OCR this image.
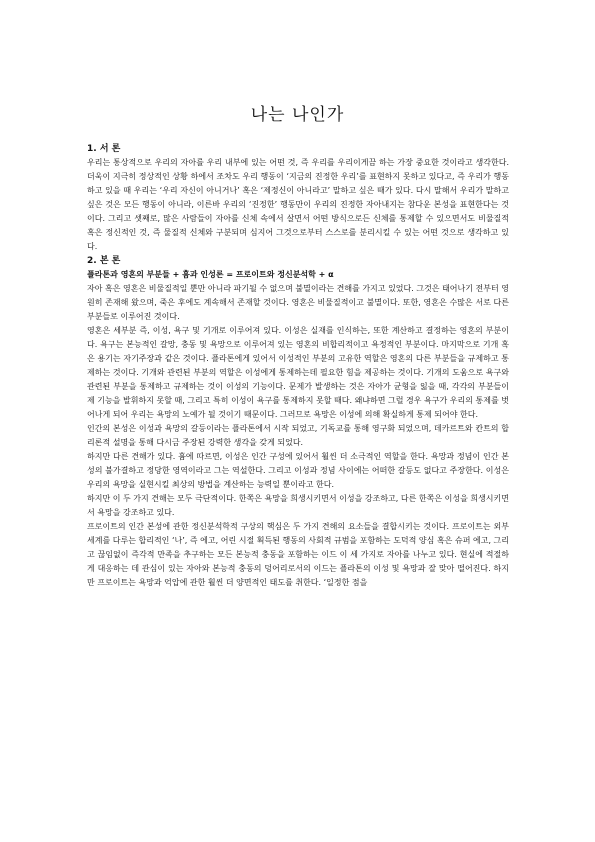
나는 나인가

1. 서 론

우리는 통상적으로 우리의 자아를 우리 내부에 있는 어떤 것, 즉 우리를 우리이게끔 하는 가장 중요한 것이라고 생각한다. 더욱이 지극히 정상적인 상황 하에서 조차도 우리 행동이 ‘지금의 진정한 우리’를 표현하지 못하고 있다고, 즉 우리가 행동하고 있을 때 우리는 ‘우리 자신이 아니거나’ 혹은 ‘제정신이 아니라고’ 말하고 싶은 때가 있다. 다시 말해서 우리가 말하고 싶은 것은 모든 행동이 아니라, 이른바 우리의 ‘진정한’ 행동만이 우리의 진정한 자아내지는 참다운 본성을 표현한다는 것이다. 그리고 셋째로, 많은 사람들이 자아를 신체 속에서 살면서 어떤 방식으로든 신체를 통제할 수 있으면서도 비물질적 혹은 정신적인 것, 즉 물질적 신체와 구분되며 심지어 그것으로부터 스스로를 분리시킬 수 있는 어떤 것으로 생각하고 있다.

2. 본 론

플라톤과 영혼의 부분들 + 흄과 인성론 = 프로이트와 정신분석학 + α

자아 혹은 영혼은 비물질적일 뿐만 아니라 파기될 수 없으며 불멸이라는 견해를 가지고 있었다. 그것은 태어나기 전부터 영원히 존재해 왔으며, 죽은 후에도 계속해서 존재할 것이다. 영혼은 비물질적이고 불멸이다. 또한, 영혼은 수많은 서로 다른 부분들로 이루어진 것이다.

영혼은 세부분 즉, 이성, 욕구 및 기개로 이루어져 있다. 이성은 실재를 인식하는, 또한 계산하고 결정하는 영혼의 부분이다. 욕구는 본능적인 갈망, 충동 및 욕망으로 이루어져 있는 영혼의 비합리적이고 욕정적인 부분이다. 마지막으로 기개 혹은 용기는 자기주장과 같은 것이다. 플라톤에게 있어서 이성적인 부분의 고유한 역할은 영혼의 다른 부분들을 규제하고 통제하는 것이다. 기개와 관련된 부분의 역할은 이성에게 통제하는데 필요한 힘을 제공하는 것이다. 기개의 도움으로 욕구와 관련된 부분을 통제하고 규제하는 것이 이성의 기능이다. 문제가 발생하는 것은 자아가 균형을 잃을 때, 각각의 부분들이 제 기능을 발휘하지 못할 때, 그리고 특히 이성이 욕구를 통제하지 못할 때다. 왜냐하면 그럴 경우 욕구가 우리의 통제를 벗어나게 되어 우리는 욕망의 노예가 될 것이기 때문이다. 그러므로 욕망은 이성에 의해 확실하게 통제 되어야 한다.

인간의 본성은 이성과 욕망의 갈등이라는 플라톤에서 시작 되었고, 기독교를 통해 영구화 되었으며, 데카르트와 칸트의 합리론적 설명을 통해 다시금 주장된 강력한 생각을 갖게 되었다.

하지만 다른 견해가 있다. 흄에 따르면, 이성은 인간 구성에 있어서 훨씬 더 소극적인 역할을 한다. 욕망과 정념이 인간 본성의 불가결하고 정당한 영역이라고 그는 역설한다. 그리고 이성과 정념 사이에는 어떠한 갈등도 없다고 주장한다. 이성은 우리의 욕망을 실현시킬 최상의 방법을 계산하는 능력일 뿐이라고 한다.

하지만 이 두 가지 견해는 모두 극단적이다. 한쪽은 욕망을 희생시키면서 이성을 강조하고, 다른 한쪽은 이성을 희생시키면서 욕망을 강조하고 있다.

프로이트의 인간 본성에 관한 정신분석학적 구상의 핵심은 두 가지 견해의 요소들을 결합시키는 것이다. 프로이트는 외부세계를 다루는 합리적인 ‘나’, 즉 에고, 어린 시절 획득된 행동의 사회적 규범을 포함하는 도덕적 양심 혹은 슈퍼 에고, 그리고 끊임없이 즉각적 만족을 추구하는 모든 본능적 충동을 포함하는 이드 이 세 가지로 자아를 나누고 있다. 현실에 적절하게 대응하는 데 관심이 있는 자아와 본능적 충동의 덩어리로서의 이드는 플라톤의 이성 및 욕망과 잘 맞아 떨어진다. 하지만 프로이트는 욕망과 억압에 관한 훨씬 더 양면적인 태도를 취한다. ‘일정한 점을
